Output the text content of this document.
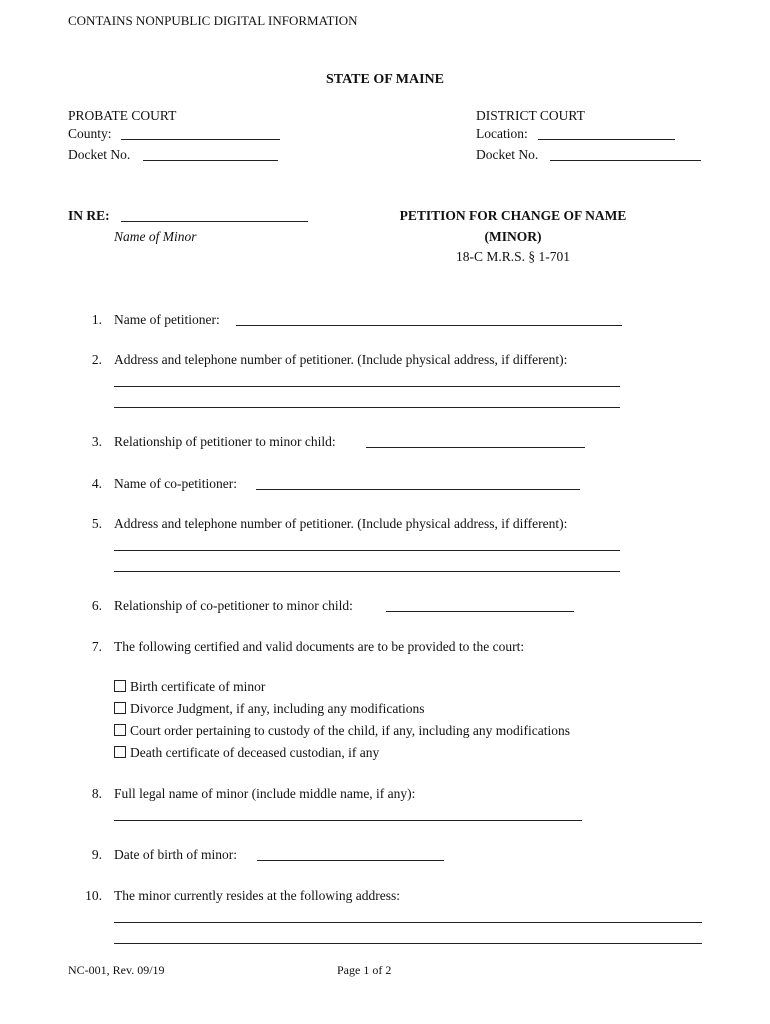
CONTAINS NONPUBLIC DIGITAL INFORMATION
STATE OF MAINE
PROBATE COURT
County:
Docket No.
DISTRICT COURT
Location:
Docket No.
IN RE:
Name of Minor
PETITION FOR CHANGE OF NAME
(MINOR)
18-C M.R.S. § 1-701
1. Name of petitioner:
2. Address and telephone number of petitioner. (Include physical address, if different):
3. Relationship of petitioner to minor child:
4. Name of co-petitioner:
5. Address and telephone number of petitioner. (Include physical address, if different):
6. Relationship of co-petitioner to minor child:
7. The following certified and valid documents are to be provided to the court:
Birth certificate of minor
Divorce Judgment, if any, including any modifications
Court order pertaining to custody of the child, if any, including any modifications
Death certificate of deceased custodian, if any
8. Full legal name of minor (include middle name, if any):
9. Date of birth of minor:
10. The minor currently resides at the following address:
NC-001, Rev. 09/19	Page 1 of 2
